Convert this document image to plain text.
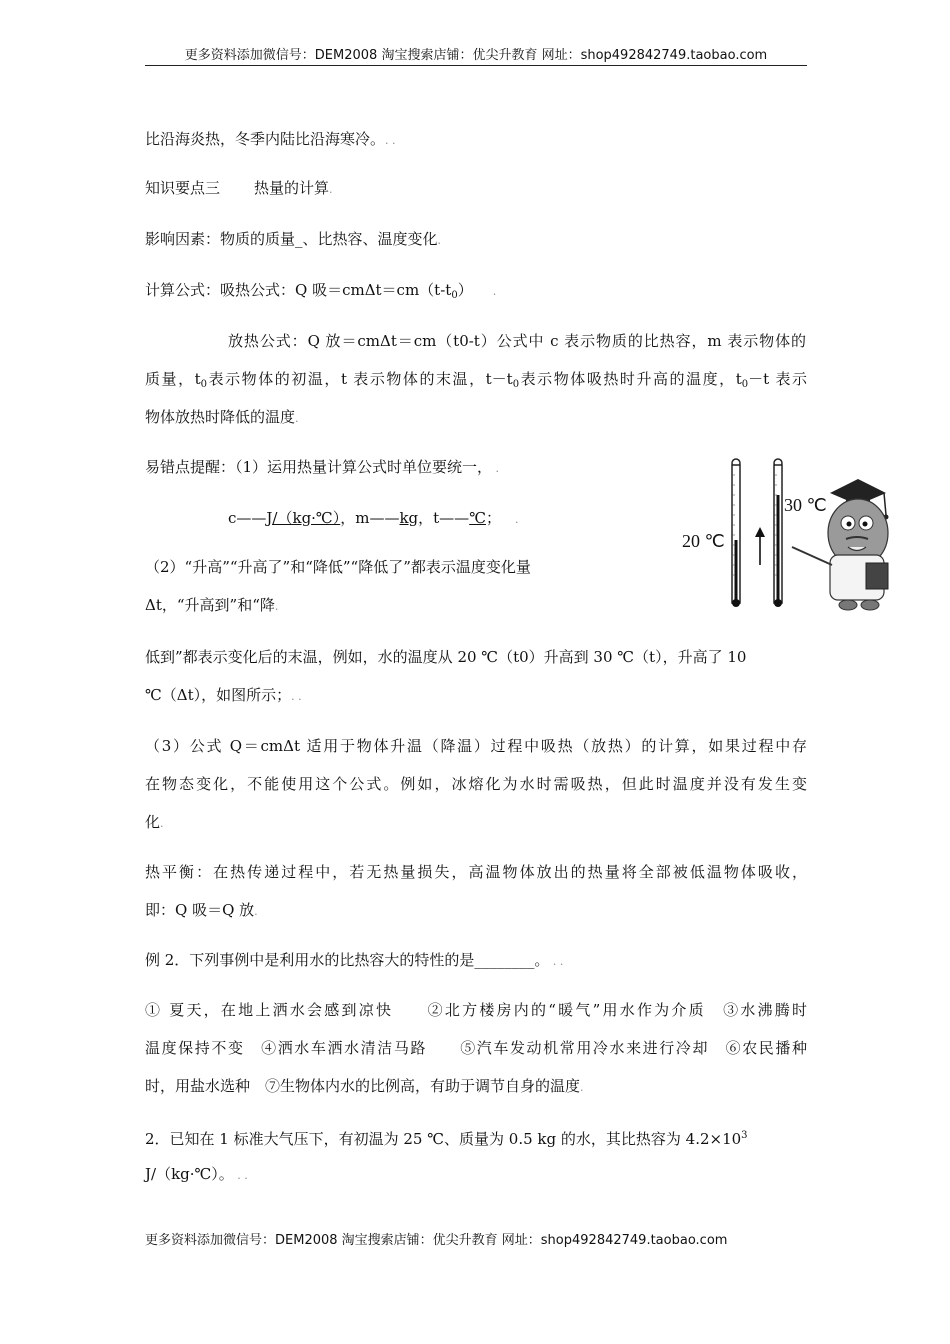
更多资料添加微信号：DEM2008 淘宝搜索店铺：优尖升教育 网址：shop492842749.taobao.com
比沿海炎热，冬季内陆比沿海寒冷。. .
知识要点三 热量的计算.
影响因素：物质的质量_、比热容、温度变化.
计算公式：吸热公式：Q 吸$=cm\Delta t=cm(t-t_0)$ .
放热公式：Q 放＝cmΔt＝cm（t0-t）公式中 c 表示物质的比热容，m 表示物体的
质量，$t_0$表示物体的初温，t 表示物体的末温，$t-t_0$表示物体吸热时升高的温度，$t_0-t$ 表示
物体放热时降低的温度.
易错点提醒：（1）运用热量计算公式时单位要统一， .
c——J/（kg·℃），m——kg，t——℃； .
（2）“升高”“升高了”和“降低”“降低了”都表示温度变化量
Δt，“升高到”和“降.
低到”都表示变化后的末温，例如，水的温度从 20 ℃（t0）升高到 30 ℃（t），升高了 10
℃（Δt），如图所示；. .
（3）公式 Q＝cmΔt 适用于物体升温（降温）过程中吸热（放热）的计算，如果过程中存
在物态变化，不能使用这个公式。例如，冰熔化为水时需吸热，但此时温度并没有发生变
化.
热平衡：在热传递过程中，若无热量损失，高温物体放出的热量将全部被低温物体吸收，
即：Q 吸＝Q 放.
例 2．下列事例中是利用水的比热容大的特性的是________。 . .
① 夏天，在地上洒水会感到凉快　　②北方楼房内的“暖气”用水作为介质　③水沸腾时
温度保持不变　④洒水车洒水清洁马路　　⑤汽车发动机常用冷水来进行冷却　⑥农民播种
时，用盐水选种　⑦生物体内水的比例高，有助于调节自身的温度.
2．已知在 1 标准大气压下，有初温为 25 ℃、质量为 0.5 kg 的水，其比热容为 $4.2\times 10^3$
J/（kg·℃）。 . .
20 ℃
30 ℃
更多资料添加微信号：DEM2008 淘宝搜索店铺：优尖升教育 网址：shop492842749.taobao.com
